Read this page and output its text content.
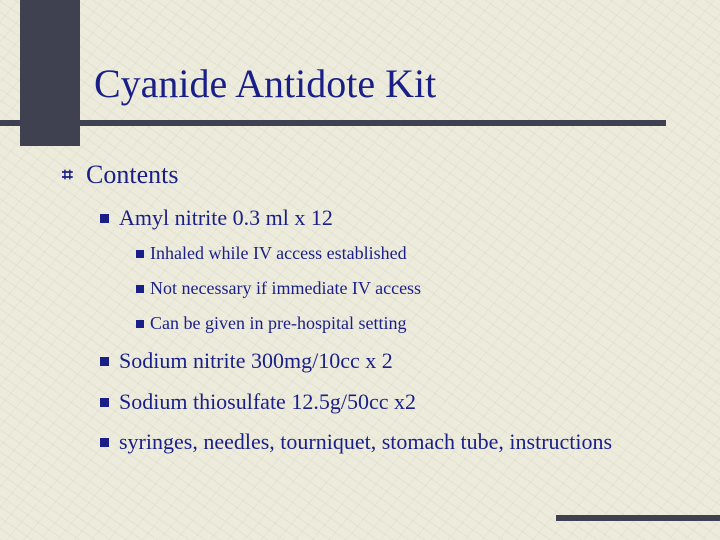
Cyanide Antidote Kit
⌗ Contents
Amyl nitrite 0.3 ml x 12
Inhaled while IV access established
Not necessary if immediate IV access
Can be given in pre-hospital setting
Sodium nitrite 300mg/10cc x 2
Sodium thiosulfate 12.5g/50cc x2
syringes, needles, tourniquet, stomach tube, instructions
